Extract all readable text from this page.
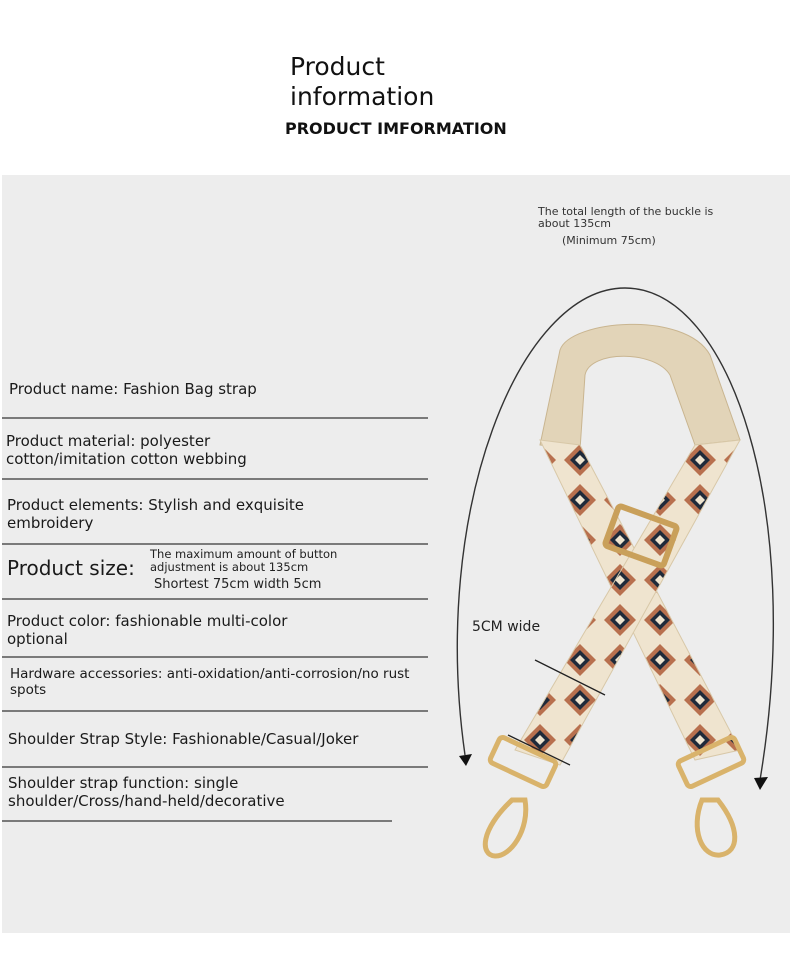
Product
information
PRODUCT IMFORMATION
Product name: Fashion Bag strap
Product material: polyester cotton/imitation cotton webbing
Product elements: Stylish and exquisite embroidery
Product size:
The maximum amount of button adjustment is about 135cm
Shortest 75cm width 5cm
Product color: fashionable multi-color optional
Hardware accessories: anti-oxidation/anti-corrosion/no rust spots
Shoulder Strap Style: Fashionable/Casual/Joker
Shoulder strap function: single shoulder/Cross/hand-held/decorative
The total length of the buckle is about 135cm
(Minimum 75cm)
5CM wide
